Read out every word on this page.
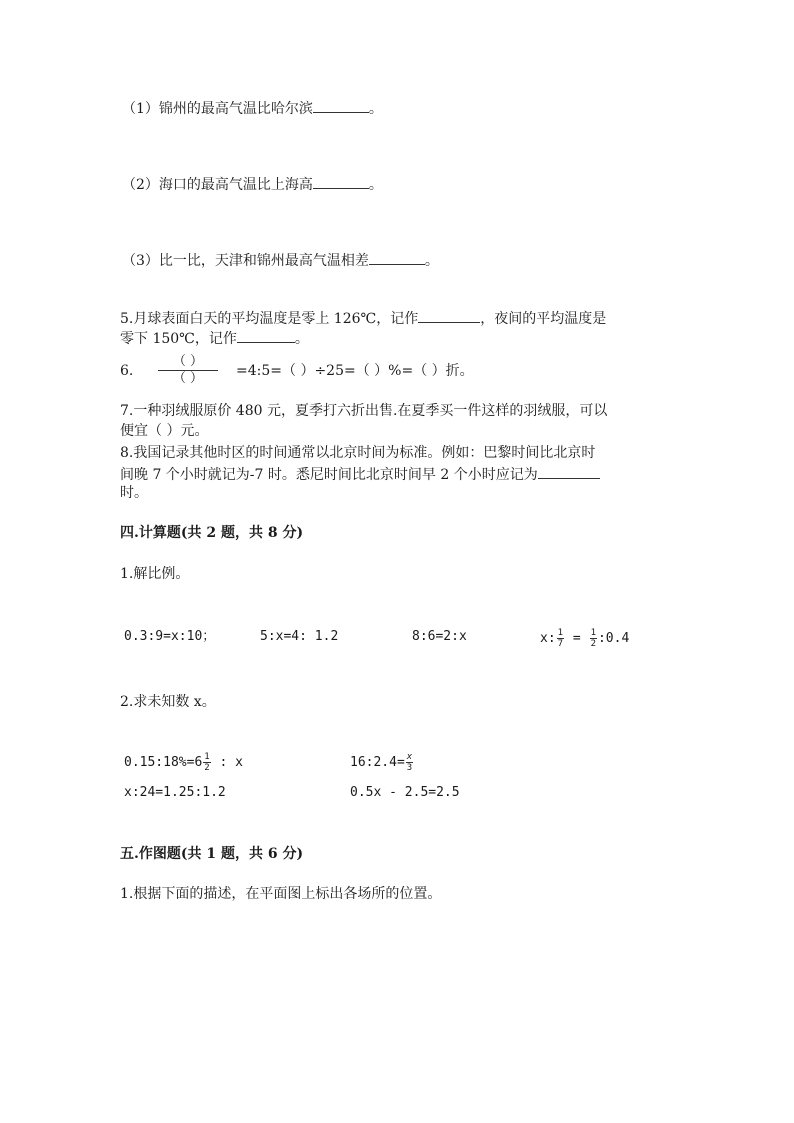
（1）锦州的最高气温比哈尔滨	。
（2）海口的最高气温比上海高	。
（3）比一比，天津和锦州最高气温相差	。
5.月球表面白天的平均温度是零上 126℃，记作	，夜间的平均温度是
零下 150℃，记作	。
6.
（ ）
（ ）	=4:5=（ ）÷25=（ ）%=（ ）折。
7.一种羽绒服原价 480 元，夏季打六折出售.在夏季买一件这样的羽绒服，可以
便宜（ ）元。
8.我国记录其他时区的时间通常以北京时间为标准。例如：巴黎时间比北京时
间晚 7 个小时就记为-7 时。悉尼时间比北京时间早 2 个小时应记为
时。
四.计算题(共 2 题，共 8 分)
1.解比例。
0.3:9=x:10；	5:x=4: 1.2	8:6=2:x	x: $\frac{1}{7} = \frac{1}{2}$ :0.4
2.求未知数 x。
0.15:18%=6 $\frac{1}{2}$ : x	16:2.4= $\frac{x}{3}$
x:24=1.25:1.2	0.5x - 2.5=2.5
五.作图题(共 1 题，共 6 分)
1.根据下面的描述，在平面图上标出各场所的位置。
